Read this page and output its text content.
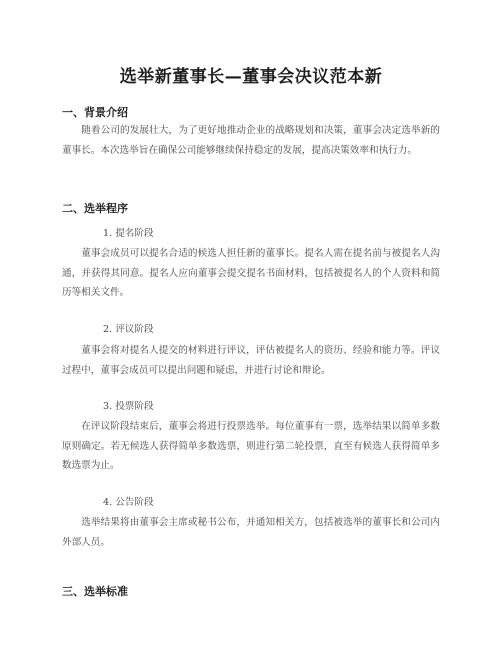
选举新董事长—董事会决议范本新
一、背景介绍
随着公司的发展壮大，为了更好地推动企业的战略规划和决策，董事会决定选举新的董事长。本次选举旨在确保公司能够继续保持稳定的发展，提高决策效率和执行力。
二、选举程序
1. 提名阶段
董事会成员可以提名合适的候选人担任新的董事长。提名人需在提名前与被提名人沟通，并获得其同意。提名人应向董事会提交提名书面材料，包括被提名人的个人资料和简历等相关文件。
2. 评议阶段
董事会将对提名人提交的材料进行评议，评估被提名人的资历、经验和能力等。评议过程中，董事会成员可以提出问题和疑虑，并进行讨论和辩论。
3. 投票阶段
在评议阶段结束后，董事会将进行投票选举。每位董事有一票，选举结果以简单多数原则确定。若无候选人获得简单多数选票，则进行第二轮投票，直至有候选人获得简单多数选票为止。
4. 公告阶段
选举结果将由董事会主席或秘书公布，并通知相关方，包括被选举的董事长和公司内外部人员。
三、选举标准
